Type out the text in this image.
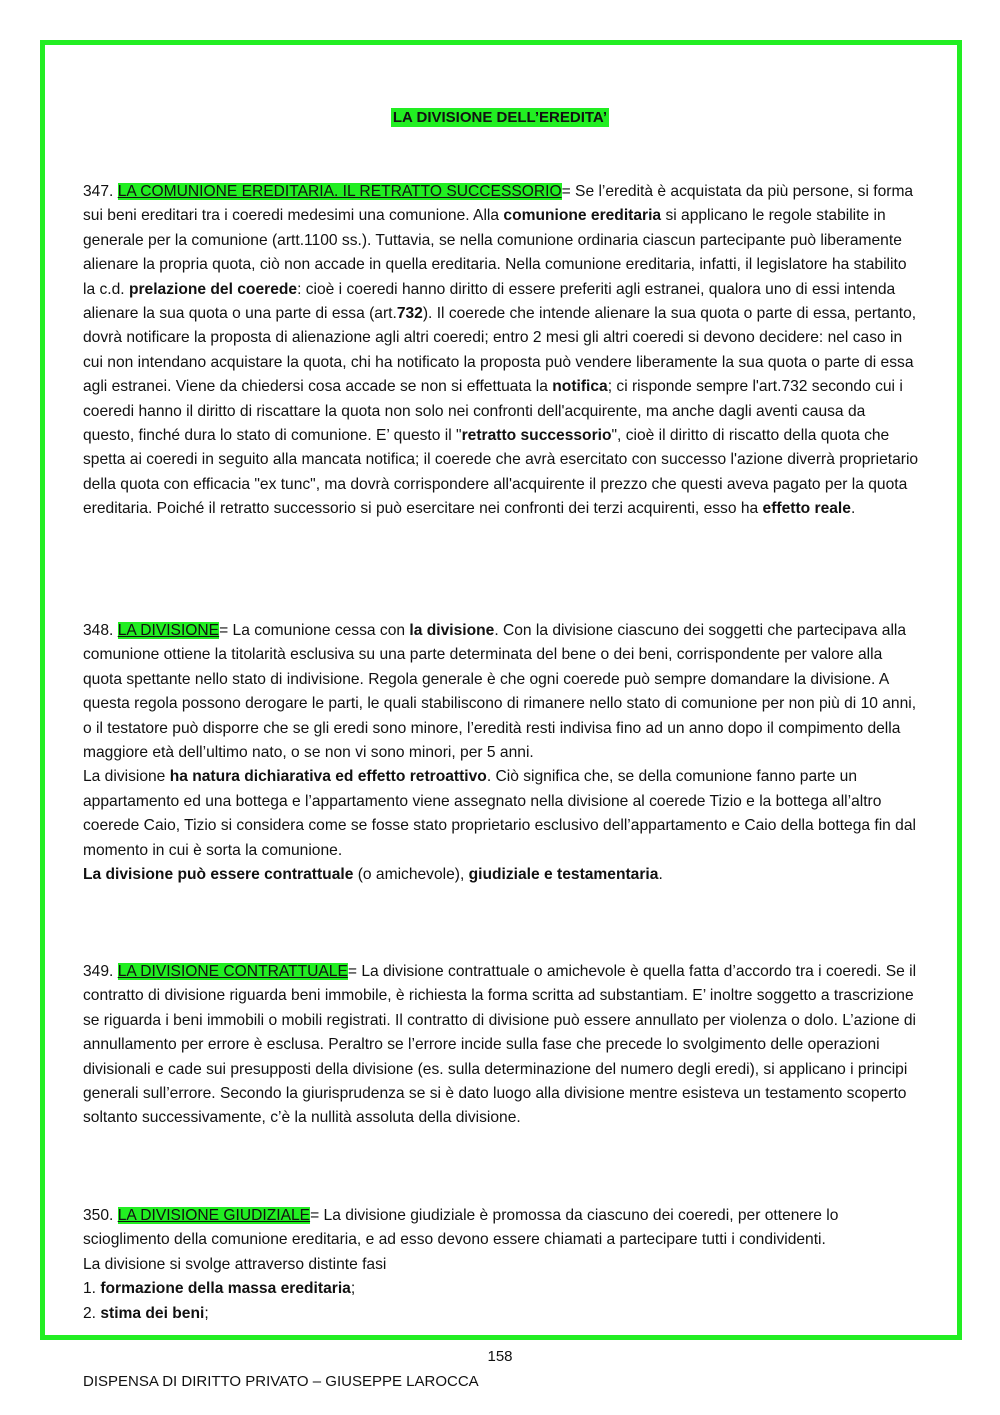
LA DIVISIONE DELL’EREDITA’
347. LA COMUNIONE EREDITARIA. IL RETRATTO SUCCESSORIO= Se l’eredità è acquistata da più persone, si forma sui beni ereditari tra i coeredi medesimi una comunione. Alla comunione ereditaria si applicano le regole stabilite in generale per la comunione (artt.1100 ss.). Tuttavia, se nella comunione ordinaria ciascun partecipante può liberamente alienare la propria quota, ciò non accade in quella ereditaria. Nella comunione ereditaria, infatti, il legislatore ha stabilito la c.d. prelazione del coerede: cioè i coeredi hanno diritto di essere preferiti agli estranei, qualora uno di essi intenda alienare la sua quota o una parte di essa (art.732). Il coerede che intende alienare la sua quota o parte di essa, pertanto, dovrà notificare la proposta di alienazione agli altri coeredi; entro 2 mesi gli altri coeredi si devono decidere: nel caso in cui non intendano acquistare la quota, chi ha notificato la proposta può vendere liberamente la sua quota o parte di essa agli estranei. Viene da chiedersi cosa accade se non si effettuata la notifica; ci risponde sempre l'art.732 secondo cui i coeredi hanno il diritto di riscattare la quota non solo nei confronti dell'acquirente, ma anche dagli aventi causa da questo, finché dura lo stato di comunione. E’ questo il "retratto successorio", cioè il diritto di riscatto della quota che spetta ai coeredi in seguito alla mancata notifica; il coerede che avrà esercitato con successo l'azione diverrà proprietario della quota con efficacia "ex tunc", ma dovrà corrispondere all'acquirente il prezzo che questi aveva pagato per la quota ereditaria. Poiché il retratto successorio si può esercitare nei confronti dei terzi acquirenti, esso ha effetto reale.
348. LA DIVISIONE= La comunione cessa con la divisione. Con la divisione ciascuno dei soggetti che partecipava alla comunione ottiene la titolarità esclusiva su una parte determinata del bene o dei beni, corrispondente per valore alla quota spettante nello stato di indivisione. Regola generale è che ogni coerede può sempre domandare la divisione. A questa regola possono derogare le parti, le quali stabiliscono di rimanere nello stato di comunione per non più di 10 anni, o il testatore può disporre che se gli eredi sono minore, l’eredità resti indivisa fino ad un anno dopo il compimento della maggiore età dell’ultimo nato, o se non vi sono minori, per 5 anni.
La divisione ha natura dichiarativa ed effetto retroattivo. Ciò significa che, se della comunione fanno parte un appartamento ed una bottega e l’appartamento viene assegnato nella divisione al coerede Tizio e la bottega all’altro coerede Caio, Tizio si considera come se fosse stato proprietario esclusivo dell’appartamento e Caio della bottega fin dal momento in cui è sorta la comunione.
La divisione può essere contrattuale (o amichevole), giudiziale e testamentaria.
349. LA DIVISIONE CONTRATTUALE= La divisione contrattuale o amichevole è quella fatta d’accordo tra i coeredi. Se il contratto di divisione riguarda beni immobile, è richiesta la forma scritta ad substantiam. E’ inoltre soggetto a trascrizione se riguarda i beni immobili o mobili registrati. Il contratto di divisione può essere annullato per violenza o dolo. L’azione di annullamento per errore è esclusa. Peraltro se l’errore incide sulla fase che precede lo svolgimento delle operazioni divisionali e cade sui presupposti della divisione (es. sulla determinazione del numero degli eredi), si applicano i principi generali sull’errore. Secondo la giurisprudenza se si è dato luogo alla divisione mentre esisteva un testamento scoperto soltanto successivamente, c’è la nullità assoluta della divisione.
350. LA DIVISIONE GIUDIZIALE= La divisione giudiziale è promossa da ciascuno dei coeredi, per ottenere lo scioglimento della comunione ereditaria, e ad esso devono essere chiamati a partecipare tutti i condividenti.
La divisione si svolge attraverso distinte fasi
1. formazione della massa ereditaria;
2. stima dei beni;
158
DISPENSA DI DIRITTO PRIVATO – GIUSEPPE LAROCCA
